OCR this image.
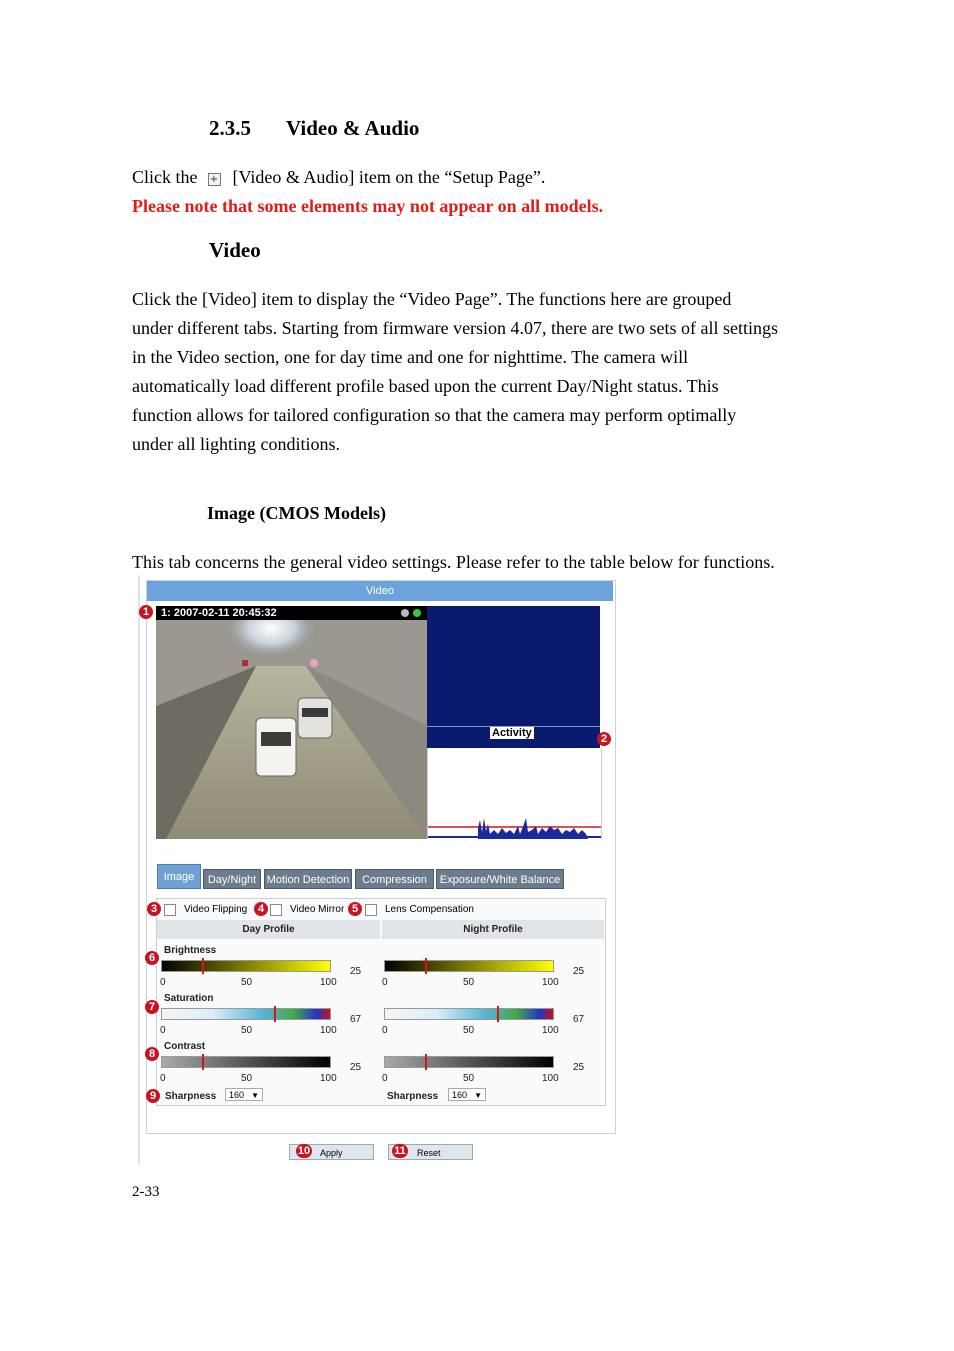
2.3.5 Video & Audio
Click the + [Video & Audio] item on the “Setup Page”.
Please note that some elements may not appear on all models.
Video
Click the [Video] item to display the “Video Page”. The functions here are grouped
under different tabs. Starting from firmware version 4.07, there are two sets of all settings
in the Video section, one for day time and one for nighttime. The camera will
automatically load different profile based upon the current Day/Night status. This
function allows for tailored configuration so that the camera may perform optimally
under all lighting conditions.
Image (CMOS Models)
This tab concerns the general video settings. Please refer to the table below for functions.
Video
1: 2007-02-11 20:45:32
Activity
Image	Day/Night Motion Detection	Compression	Exposure/White Balance
Video Flipping	Video Mirror	Lens Compensation
Day Profile	Night Profile
Brightness
25	25
0	50	100	0	50	100
Saturation
67	67
0	50	100	0	50	100
Contrast
25	25
0	50	100	0	50	100
Sharpness	160 ▼	Sharpness	160 ▼
Apply	Reset
1
2
3	4	5
6
7
8
9
10	11
2-33
